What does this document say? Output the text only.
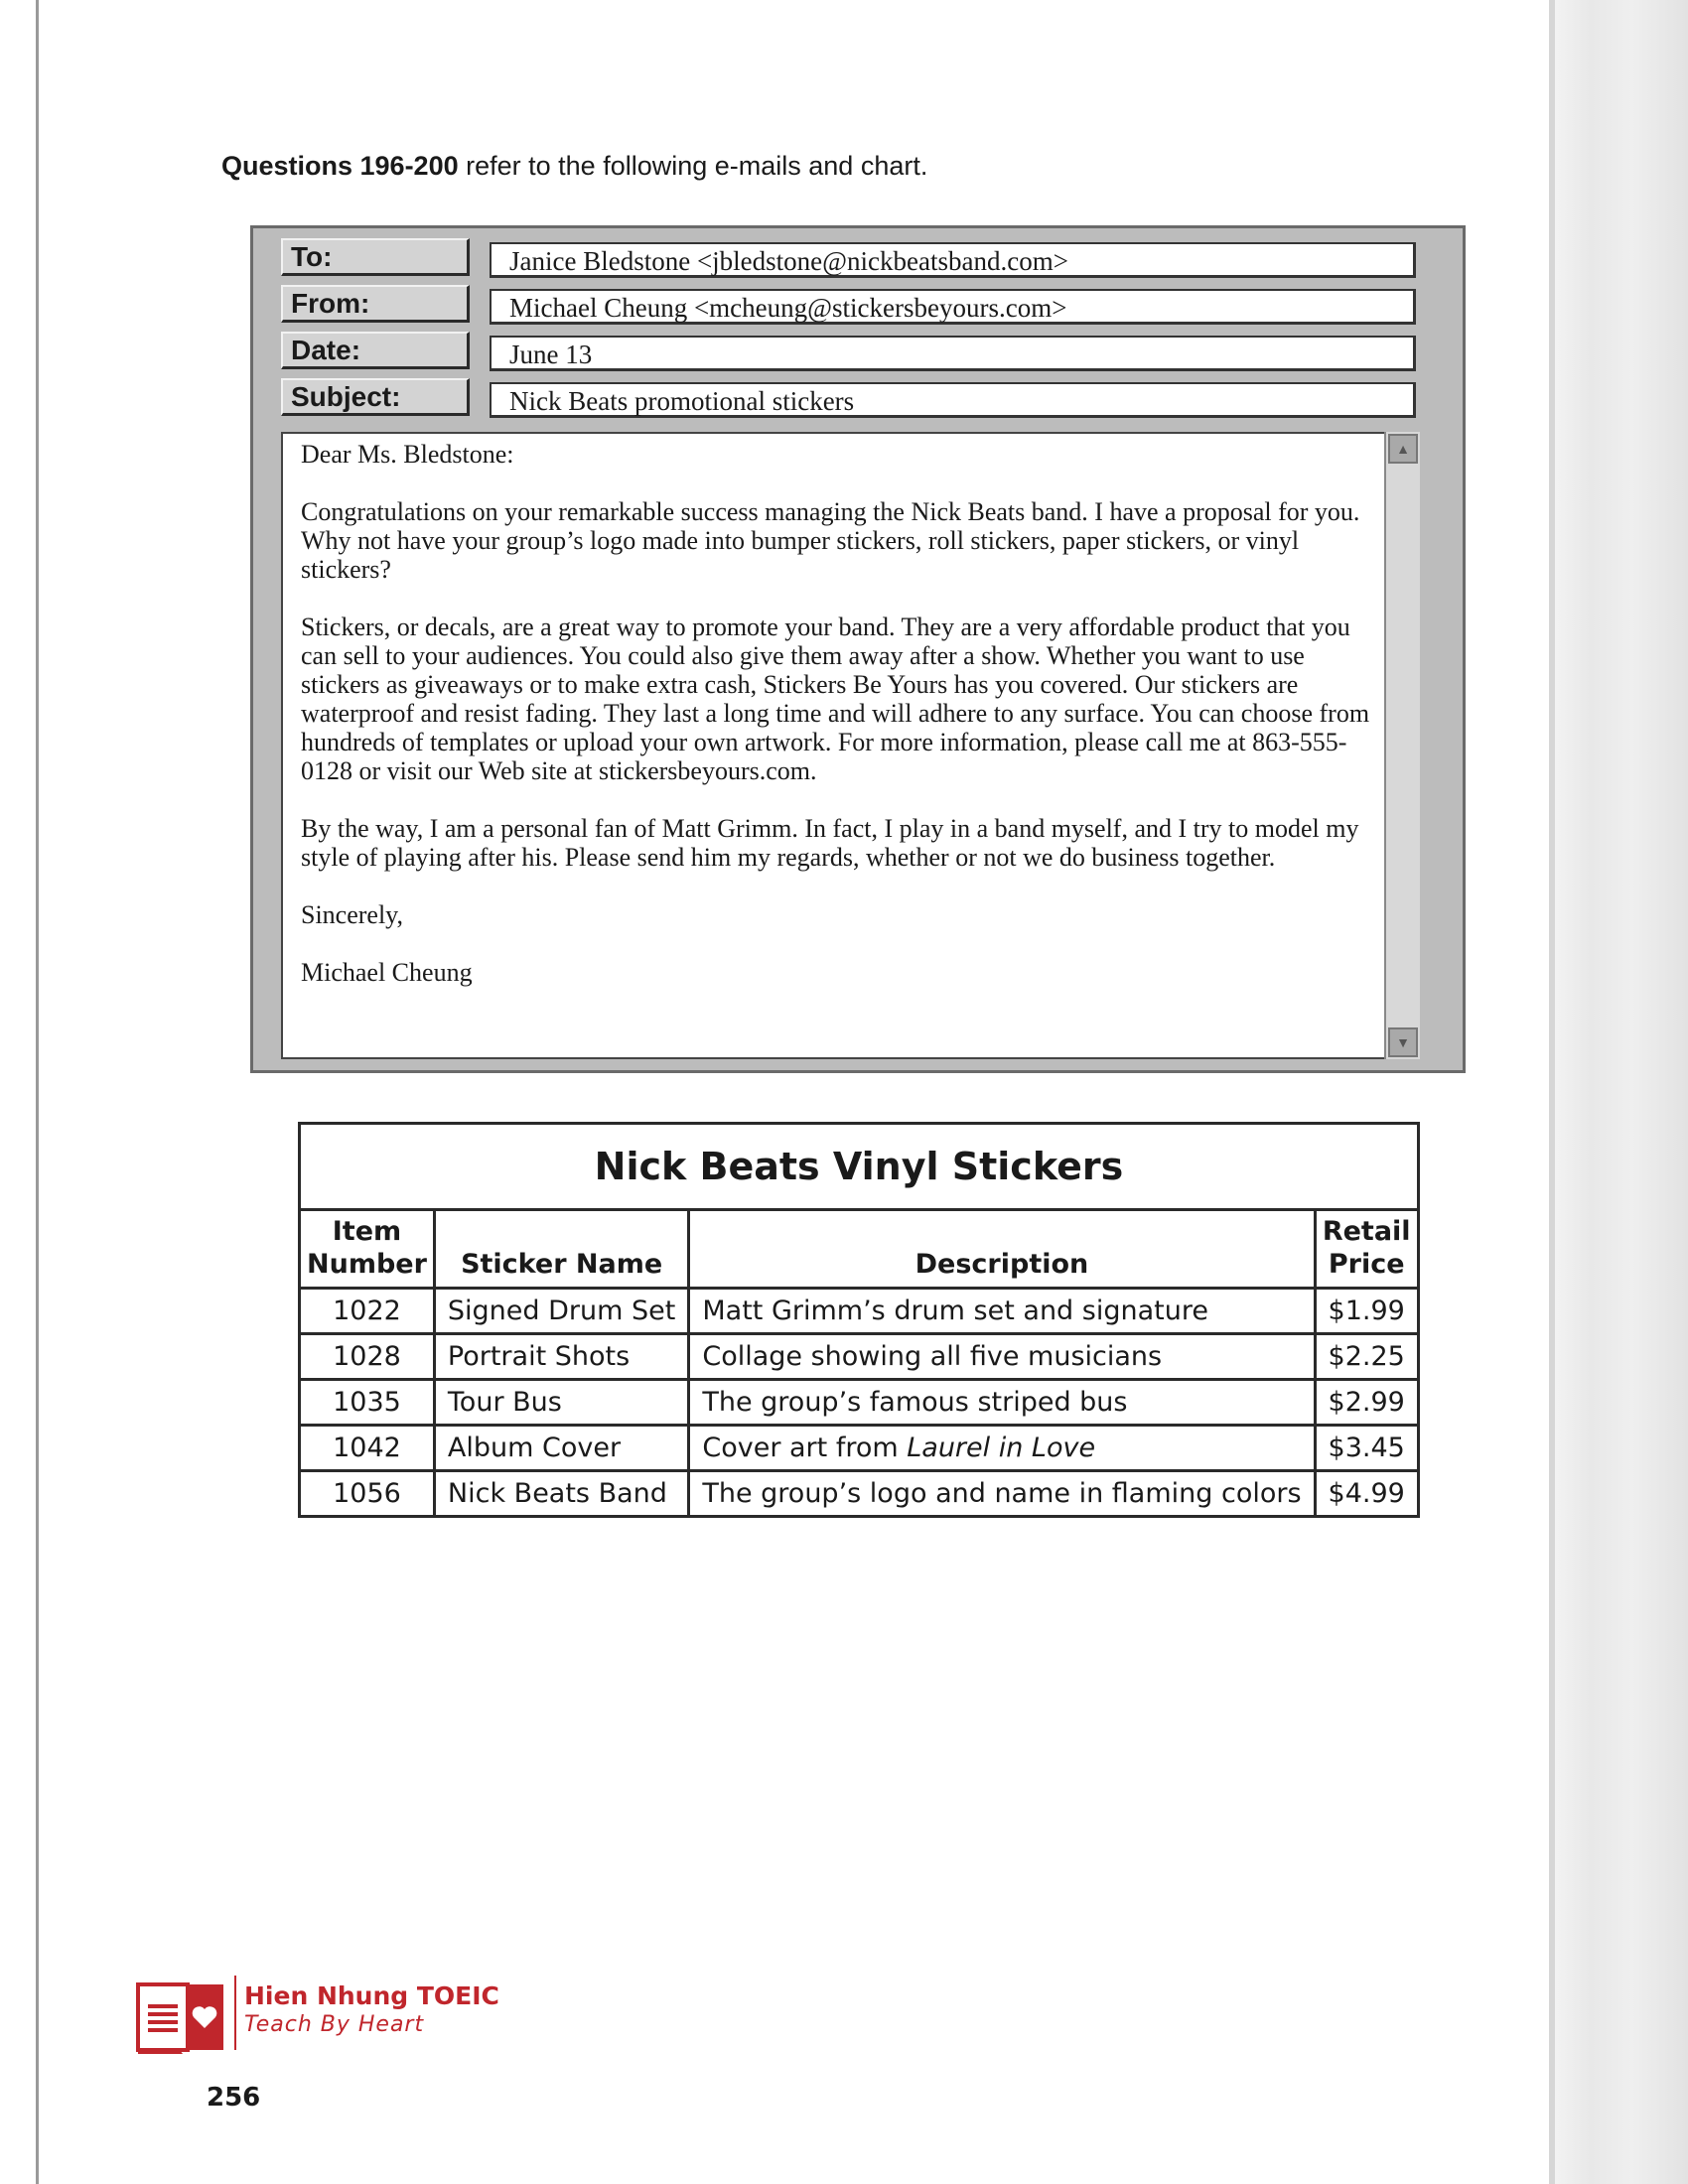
Questions 196-200 refer to the following e-mails and chart.
To:	Janice Bledstone <jbledstone@nickbeatsband.com>
From:	Michael Cheung <mcheung@stickersbeyours.com>
Date:	June 13
Subject:	Nick Beats promotional stickers

Dear Ms. Bledstone:

Congratulations on your remarkable success managing the Nick Beats band. I have a proposal for you. Why not have your group’s logo made into bumper stickers, roll stickers, paper stickers, or vinyl stickers?

Stickers, or decals, are a great way to promote your band. They are a very affordable product that you can sell to your audiences. You could also give them away after a show. Whether you want to use stickers as giveaways or to make extra cash, Stickers Be Yours has you covered. Our stickers are waterproof and resist fading. They last a long time and will adhere to any surface. You can choose from hundreds of templates or upload your own artwork. For more information, please call me at 863-555-0128 or visit our Web site at stickersbeyours.com.

By the way, I am a personal fan of Matt Grimm. In fact, I play in a band myself, and I try to model my style of playing after his. Please send him my regards, whether or not we do business together.

Sincerely,

Michael Cheung

▲
▼
Nick Beats Vinyl Stickers			
Item Number	Sticker Name	Description	Retail Price
1022	Signed Drum Set	Matt Grimm’s drum set and signature	$1.99
1028	Portrait Shots	Collage showing all five musicians	$2.25
1035	Tour Bus	The group’s famous striped bus	$2.99
1042	Album Cover	Cover art from Laurel in Love	$3.45
1056	Nick Beats Band	The group’s logo and name in flaming colors	$4.99
Hien Nhung TOEIC
Teach By Heart
256
